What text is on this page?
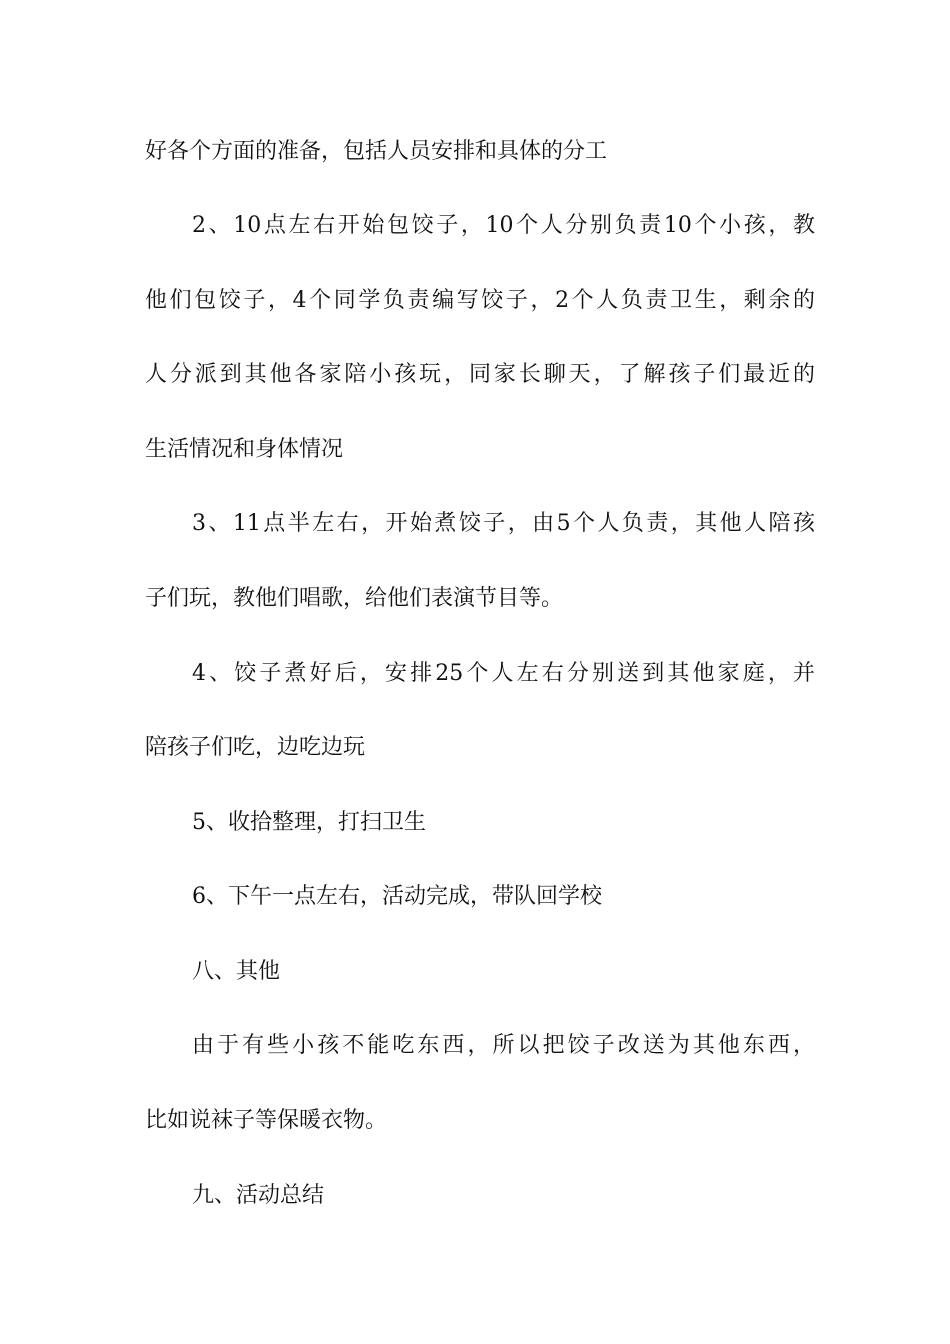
好各个方面的准备，包括人员安排和具体的分工
2、10点左右开始包饺子，10个人分别负责10个小孩，教
他们包饺子，4个同学负责编写饺子，2个人负责卫生，剩余的
人分派到其他各家陪小孩玩，同家长聊天，了解孩子们最近的
生活情况和身体情况
3、11点半左右，开始煮饺子，由5个人负责，其他人陪孩
子们玩，教他们唱歌，给他们表演节目等。
4、饺子煮好后，安排25个人左右分别送到其他家庭，并
陪孩子们吃，边吃边玩
5、收拾整理，打扫卫生
6、下午一点左右，活动完成，带队回学校
八、其他
由于有些小孩不能吃东西，所以把饺子改送为其他东西，
比如说袜子等保暖衣物。
九、活动总结
